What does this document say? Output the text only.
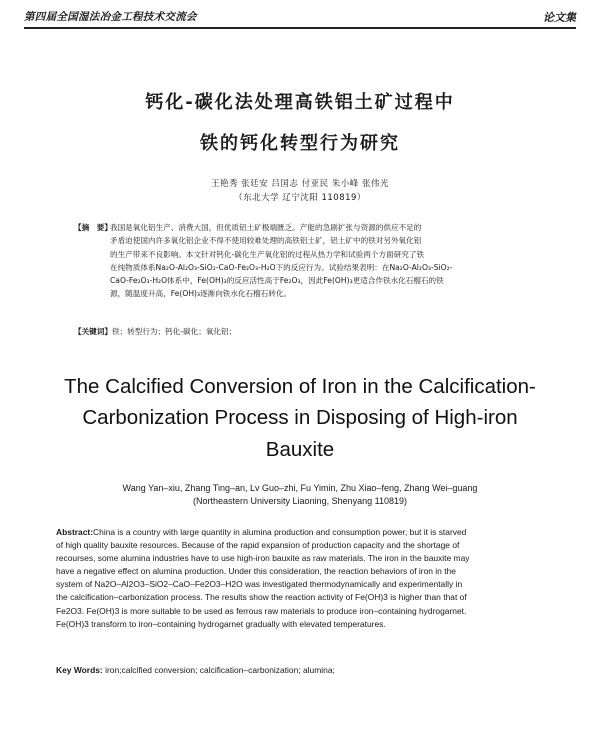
第四届全国湿法冶金工程技术交流会	论文集
钙化-碳化法处理高铁铝土矿过程中
铁的钙化转型行为研究
王艳秀 张廷安 吕国志 付亚民 朱小峰 张伟光
（东北大学 辽宁沈阳 110819）
【摘　要】
我国是氧化铝生产、消费大国，但优质铝土矿极端匮乏。产能的急剧扩张与资源的供应不足的
矛盾迫使国内许多氧化铝企业不得不使用较难处理的高铁铝土矿，铝土矿中的铁对另外氧化铝
的生产带来不良影响。本文针对钙化-碳化生产氧化铝的过程从热力学和试验两个方面研究了铁
在纯物质体系Na₂O-Al₂O₃-SiO₂-CaO-Fe₂O₃-H₂O下的反应行为。试验结果表明：在Na₂O-Al₂O₃-SiO₂-
CaO-Fe₂O₃-H₂O体系中，Fe(OH)₃的反应活性高于Fe₂O₃，因此Fe(OH)₃更适合作铁水化石榴石的铁
源，随温度升高，Fe(OH)₃逐渐向铁水化石榴石转化。
【关键词】铁；转型行为；钙化-碳化；氧化铝；
The Calcified Conversion of Iron in the Calcification-
Carbonization Process in Disposing of High-iron
Bauxite
Wang Yan–xiu, Zhang Ting–an, Lv Guo–zhi, Fu Yimin, Zhu Xiao–feng, Zhang Wei–guang
(Northeastern University Liaoning, Shenyang 110819)
Abstract:China is a country with large quantity in alumina production and consumption power, but it is starved
of high quality bauxite resources. Because of the rapid expansion of production capacity and the shortage of
recourses, some alumina industries have to use high-iron bauxite as raw materials. The iron in the bauxite may
have a negative effect on alumina production. Under this consideration, the reaction behaviors of iron in the
system of Na2O–Al2O3–SiO2–CaO–Fe2O3–H2O was investigated thermodynamically and experimentally in
the calcification–carbonization process. The results show the reaction activity of Fe(OH)3 is higher than that of
Fe2O3. Fe(OH)3 is more suitable to be used as ferrous raw materials to produce iron–containing hydrogarnet.
Fe(OH)3 transform to iron–containing hydrogarnet gradually with elevated temperatures.
Key Words: iron;calcified conversion; calcification–carbonization; alumina;
